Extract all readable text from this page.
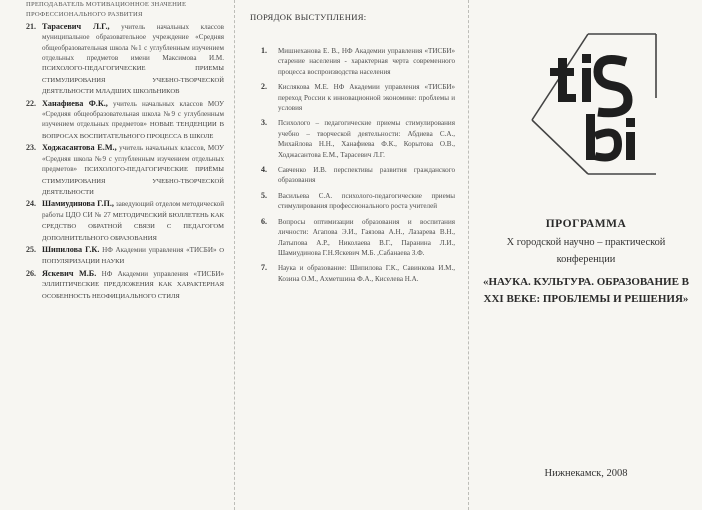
ПРЕПОДАВАТЕЛЬ МОТИВАЦИОННОЕ ЗНАЧЕНИЕ ПРОФЕССИОНАЛЬНОГО РАЗВИТИЯ
21. Тарасевич Л.Г., учитель начальных классов муниципальное образовательное учреждение «Средняя общеобразовательная школа №1 с углубленным изучением отдельных предметов имени Максимова И.М. ПСИХОЛОГО-ПЕДАГОГИЧЕСКИЕ ПРИЕМЫ СТИМУЛИРОВАНИЯ УЧЕБНО-ТВОРЧЕСКОЙ ДЕЯТЕЛЬНОСТИ МЛАДШИХ ШКОЛЬНИКОВ
22. Ханафиева Ф.К., учитель начальных классов МОУ «Средняя общеобразовательная школа №9 с углубленным изучением отдельных предметов» НОВЫЕ ТЕНДЕНЦИИ В ВОПРОСАХ ВОСПИТАТЕЛЬНОГО ПРОЦЕССА В ШКОЛЕ
23. Ходжасантова Е.М., учитель начальных классов, МОУ «Средняя школа №9 с углубленным изучением отдельных предметов» ПСИХОЛОГО-ПЕДАГОГИЧЕСКИЕ ПРИЁМЫ СТИМУЛИРОВАНИЯ УЧЕБНО-ТВОРЧЕСКОЙ ДЕЯТЕЛЬНОСТИ
24. Шамиудинова Г.П., заведующий отделом методической работы ЦДО СИ № 27 МЕТОДИЧЕСКИЙ БЮЛЛЕТЕНЬ КАК СРЕДСТВО ОБРАТНОЙ СВЯЗИ С ПЕДАГОГОМ ДОПОЛНИТЕЛЬНОГО ОБРАЗОВАНИЯ
25. Шипилова Г.К. НФ Академии управления «ТИСБИ» О ПОПУЛЯРИЗАЦИИ НАУКИ
26. Яскевич М.Б. НФ Академии управления «ТИСБИ» ЭЛЛИПТИЧЕСКИЕ ПРЕДЛОЖЕНИЯ КАК ХАРАКТЕРНАЯ ОСОБЕННОСТЬ НЕОФИЦИАЛЬНОГО СТИЛЯ
ПОРЯДОК ВЫСТУПЛЕНИЯ:
1.	Мишнеханова Е. В., НФ Академии управления «ТИСБИ» старение населения - характерная черта современного процесса воспроизводства населения
2.	Кислякова М.Е. НФ Академии управления «ТИСБИ» переход России к инновационной экономике: проблемы и условия
3.	Психолого – педагогические приемы стимулирования учебно – творческой деятельности: Абдиева С.А., Михайлова Н.Н., Ханафиева Ф.К., Корытова О.В., Ходжасантова Е.М., Тарасевич Л.Г.
4.	Савченко И.В. перспективы развития гражданского образования
5.	Васильева С.А. психолого-педагогические приемы стимулирования профессионального роста учителей
6.	Вопросы оптимизации образования и воспитания личности: Агапова Э.И., Гаязова А.Н., Лазарева В.Н., Латыпова А.Р., Николаева В.Г., Паранина Л.И., Шамиудинова Г.Н.Яскевич М.Б. ,Сабанаева З.Ф.
7.	Наука и образование: Шипилова Г.К., Савинкова И.М., Козина О.М., Ахметшина Ф.А., Киселева Н.А.
ПРОГРАММА
X городской научно – практической
конференции
«НАУКА. КУЛЬТУРА. ОБРАЗОВАНИЕ В XXI ВЕКЕ: ПРОБЛЕМЫ И РЕШЕНИЯ»
Нижнекамск, 2008
